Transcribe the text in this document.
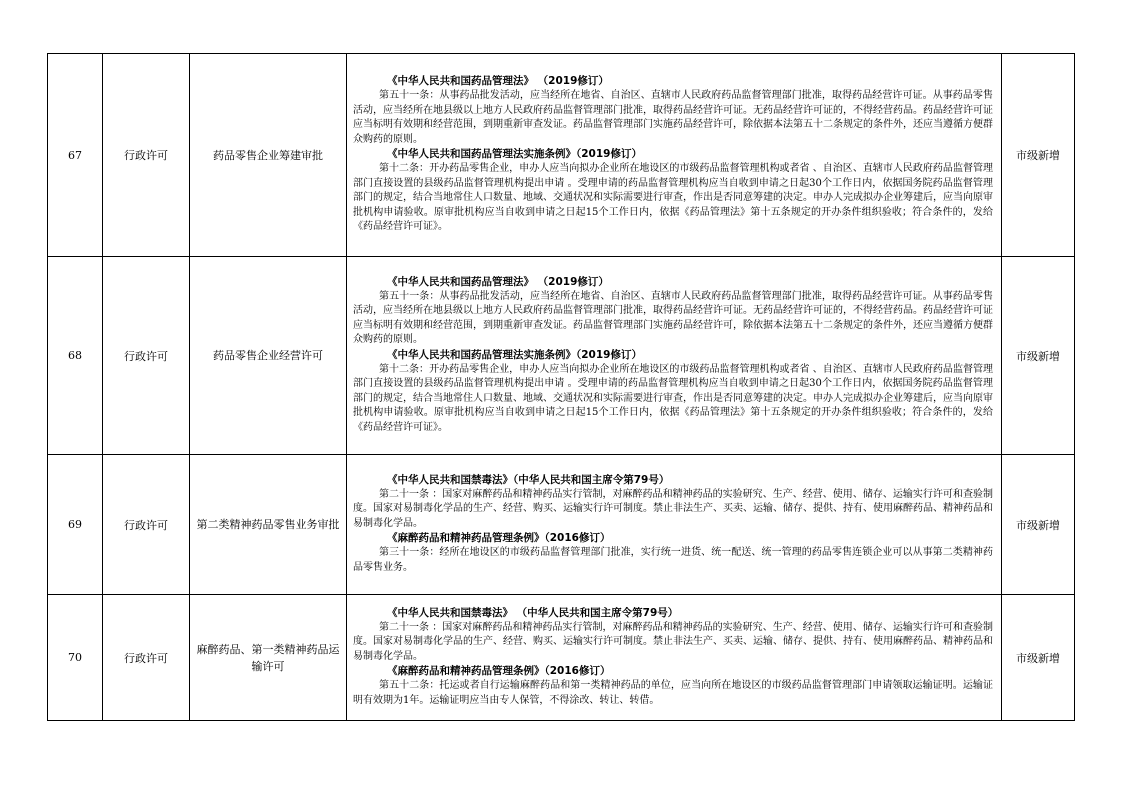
67	行政许可	药品零售企业筹建审批	《中华人民共和国药品管理法》 （2019修订）
第五十一条：从事药品批发活动，应当经所在地省、自治区、直辖市人民政府药品监督管理部门批准，取得药品经营许可证。从事药品零售活动，应当经所在地县级以上地方人民政府药品监督管理部门批准，取得药品经营许可证。无药品经营许可证的，不得经营药品。药品经营许可证应当标明有效期和经营范围，到期重新审查发证。药品监督管理部门实施药品经营许可，除依据本法第五十二条规定的条件外，还应当遵循方便群众购药的原则。
《中华人民共和国药品管理法实施条例》（2019修订）
第十二条：开办药品零售企业，申办人应当向拟办企业所在地设区的市级药品监督管理机构或者省 、自治区、直辖市人民政府药品监督管理部门直接设置的县级药品监督管理机构提出申请 。受理申请的药品监督管理机构应当自收到申请之日起30个工作日内，依据国务院药品监督管理部门的规定，结合当地常住人口数量、地域、交通状况和实际需要进行审查，作出是否同意筹建的决定。申办人完成拟办企业筹建后，应当向原审批机构申请验收。原审批机构应当自收到申请之日起15个工作日内，依据《药品管理法》第十五条规定的开办条件组织验收；符合条件的，发给《药品经营许可证》。	市级新增
68	行政许可	药品零售企业经营许可	《中华人民共和国药品管理法》 （2019修订）
第五十一条：从事药品批发活动，应当经所在地省、自治区、直辖市人民政府药品监督管理部门批准，取得药品经营许可证。从事药品零售活动，应当经所在地县级以上地方人民政府药品监督管理部门批准，取得药品经营许可证。无药品经营许可证的，不得经营药品。药品经营许可证应当标明有效期和经营范围，到期重新审查发证。药品监督管理部门实施药品经营许可，除依据本法第五十二条规定的条件外，还应当遵循方便群众购药的原则。
《中华人民共和国药品管理法实施条例》（2019修订）
第十二条：开办药品零售企业，申办人应当向拟办企业所在地设区的市级药品监督管理机构或者省 、自治区、直辖市人民政府药品监督管理部门直接设置的县级药品监督管理机构提出申请 。受理申请的药品监督管理机构应当自收到申请之日起30个工作日内，依据国务院药品监督管理部门的规定，结合当地常住人口数量、地域、交通状况和实际需要进行审查，作出是否同意筹建的决定。申办人完成拟办企业筹建后，应当向原审批机构申请验收。原审批机构应当自收到申请之日起15个工作日内，依据《药品管理法》第十五条规定的开办条件组织验收；符合条件的，发给《药品经营许可证》。	市级新增
69	行政许可	第二类精神药品零售业务审批	《中华人民共和国禁毒法》（中华人民共和国主席令第79号）
第二十一条 ：国家对麻醉药品和精神药品实行管制，对麻醉药品和精神药品的实验研究、生产、经营、使用、储存、运输实行许可和查验制度。国家对易制毒化学品的生产、经营、购买、运输实行许可制度。禁止非法生产、买卖、运输、储存、提供、持有、使用麻醉药品、精神药品和易制毒化学品。
《麻醉药品和精神药品管理条例》（2016修订）
第三十一条：经所在地设区的市级药品监督管理部门批准，实行统一进货、统一配送、统一管理的药品零售连锁企业可以从事第二类精神药品零售业务。	市级新增
70	行政许可	麻醉药品、第一类精神药品运输许可	《中华人民共和国禁毒法》 （中华人民共和国主席令第79号）
第二十一条 ：国家对麻醉药品和精神药品实行管制，对麻醉药品和精神药品的实验研究、生产、经营、使用、储存、运输实行许可和查验制度。国家对易制毒化学品的生产、经营、购买、运输实行许可制度。禁止非法生产、买卖、运输、储存、提供、持有、使用麻醉药品、精神药品和易制毒化学品。
《麻醉药品和精神药品管理条例》（2016修订）
第五十二条：托运或者自行运输麻醉药品和第一类精神药品的单位，应当向所在地设区的市级药品监督管理部门申请领取运输证明。运输证明有效期为1年。运输证明应当由专人保管，不得涂改、转让、转借。	市级新增
